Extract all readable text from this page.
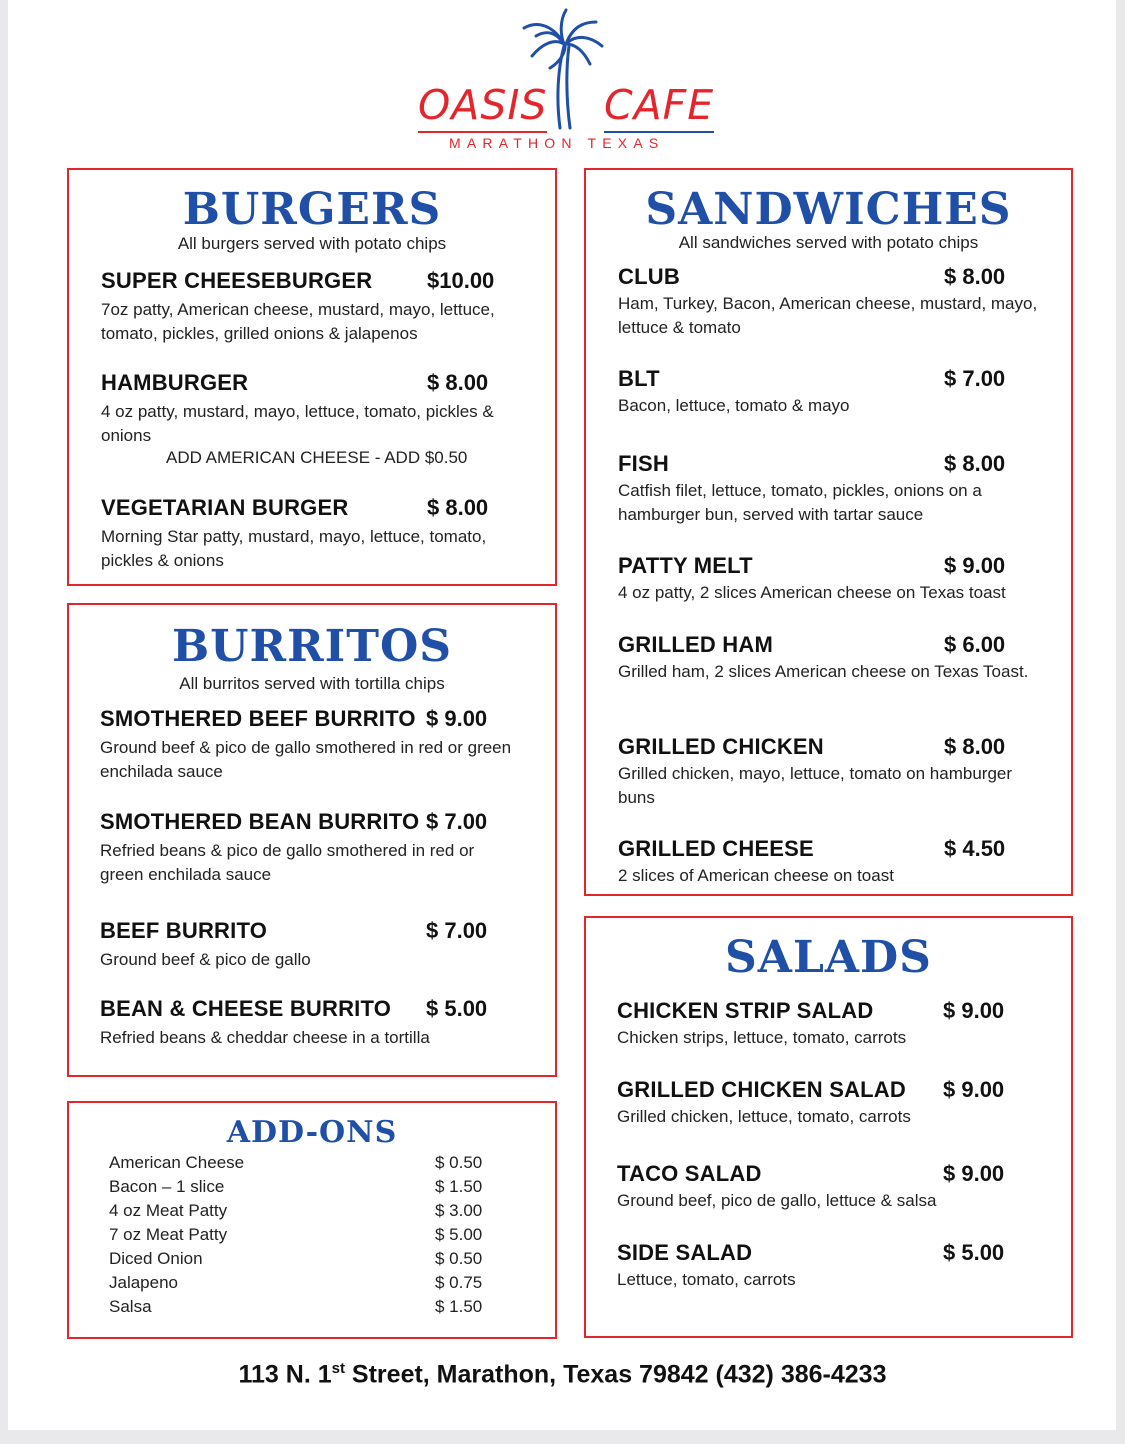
OASIS CAFE
MARATHON TEXAS
BURGERS
All burgers served with potato chips
SUPER CHEESEBURGER $10.00
7oz patty, American cheese, mustard, mayo, lettuce, tomato, pickles, grilled onions & jalapenos
HAMBURGER	$ 8.00
4 oz patty, mustard, mayo, lettuce, tomato, pickles & onions
ADD AMERICAN CHEESE - ADD $0.50
VEGETARIAN BURGER	$ 8.00
Morning Star patty, mustard, mayo, lettuce, tomato, pickles & onions
BURRITOS
All burritos served with tortilla chips
SMOTHERED BEEF BURRITO $ 9.00
Ground beef & pico de gallo smothered in red or green enchilada sauce
SMOTHERED BEAN BURRITO $ 7.00
Refried beans & pico de gallo smothered in red or green enchilada sauce
BEEF BURRITO	$ 7.00
Ground beef & pico de gallo
BEAN & CHEESE BURRITO $ 5.00
Refried beans & cheddar cheese in a tortilla
ADD-ONS
American Cheese	$ 0.50
Bacon – 1 slice	$ 1.50
4 oz Meat Patty	$ 3.00
7 oz Meat Patty	$ 5.00
Diced Onion	$ 0.50
Jalapeno	$ 0.75
Salsa	$ 1.50
SANDWICHES
All sandwiches served with potato chips
CLUB	$ 8.00
Ham, Turkey, Bacon, American cheese, mustard, mayo, lettuce & tomato
BLT	$ 7.00
Bacon, lettuce, tomato & mayo
FISH	$ 8.00
Catfish filet, lettuce, tomato, pickles, onions on a hamburger bun, served with tartar sauce
PATTY MELT	$ 9.00
4 oz patty, 2 slices American cheese on Texas toast
GRILLED HAM	$ 6.00
Grilled ham, 2 slices American cheese on Texas Toast.
GRILLED CHICKEN	$ 8.00
Grilled chicken, mayo, lettuce, tomato on hamburger buns
GRILLED CHEESE	$ 4.50
2 slices of American cheese on toast
SALADS
CHICKEN STRIP SALAD	$ 9.00
Chicken strips, lettuce, tomato, carrots
GRILLED CHICKEN SALAD $ 9.00
Grilled chicken, lettuce, tomato, carrots
TACO SALAD	$ 9.00
Ground beef, pico de gallo, lettuce & salsa
SIDE SALAD	$ 5.00
Lettuce, tomato, carrots
113 N. 1st Street, Marathon, Texas 79842 (432) 386-4233
